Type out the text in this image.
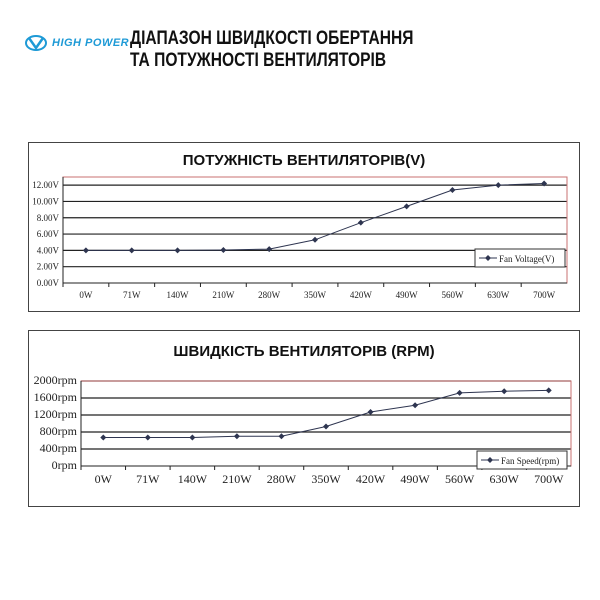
HIGH POWER ДІАПАЗОН ШВИДКОСТІ ОБЕРТАННЯ
ТА ПОТУЖНОСТІ ВЕНТИЛЯТОРІВ
ПОТУЖНІСТЬ ВЕНТИЛЯТОРІВ(V)
0.00V
2.00V
4.00V
6.00V
8.00V
10.00V
12.00V
0W	71W	140W	210W	280W	350W	420W	490W	560W	630W	700W
Fan Voltage(V)
ШВИДКІСТЬ ВЕНТИЛЯТОРІВ (RPM)
0rpm
400rpm
800rpm
1200rpm
1600rpm
2000rpm
0W 71W 140W 210W 280W 350W 420W 490W 560W 630W 700W
Fan Speed(rpm)
